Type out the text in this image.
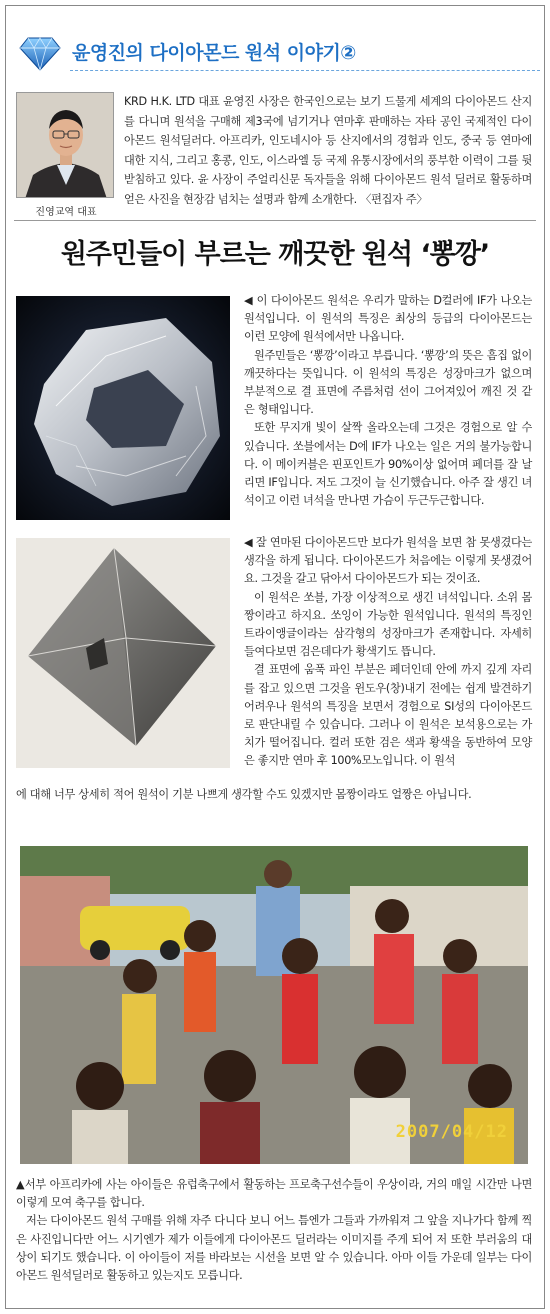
윤영진의 다이아몬드 원석 이야기②
진영교역 대표
KRD H.K. LTD 대표 윤영진 사장은 한국인으로는 보기 드물게 세계의 다이아몬드 산지를 다니며 원석을 구매해 제3국에 넘기거나 연마후 판매하는 자타 공인 국제적인 다이아몬드 원석딜러다. 아프리카, 인도네시아 등 산지에서의 경험과 인도, 중국 등 연마에 대한 지식, 그리고 홍콩, 인도, 이스라엘 등 국제 유통시장에서의 풍부한 이력이 그를 뒷받침하고 있다. 윤 사장이 주얼리신문 독자들을 위해 다이아몬드 원석 딜러로 활동하며 얻은 사진을 현장감 넘치는 설명과 함께 소개한다. 〈편집자 주〉
원주민들이 부르는 깨끗한 원석 ‘뽕깡’

◀ 이 다이아몬드 원석은 우리가 말하는 D컬러에 IF가 나오는 원석입니다. 이 원석의 특징은 최상의 등급의 다이아몬드는 이런 모양에 원석에서만 나옵니다.

원주민들은 ‘뽕깡’이라고 부릅니다. ‘뽕깡’의 뜻은 흠집 없이 깨끗하다는 뜻입니다. 이 원석의 특징은 성장마크가 없으며 부분적으로 결 표면에 주름처럼 선이 그어져있어 깨진 것 같은 형태입니다.

또한 무지개 빛이 살짝 올라오는데 그것은 경험으로 알 수 있습니다. 쏘블에서는 D에 IF가 나오는 일은 거의 불가능합니다. 이 메이커블은 핀포인트가 90%이상 없어며 페더를 잘 날리면 IF입니다. 저도 그것이 늘 신기했습니다. 아주 잘 생긴 녀석이고 이런 녀석을 만나면 가슴이 두근두근합니다.

◀ 잘 연마된 다이아몬드만 보다가 원석을 보면 참 못생겼다는 생각을 하게 됩니다. 다이아몬드가 처음에는 이렇게 못생겼어요. 그것을 갈고 닦아서 다이아몬드가 되는 것이죠.

이 원석은 쏘블, 가장 이상적으로 생긴 녀석입니다. 소위 몸짱이라고 하지요. 쏘잉이 가능한 원석입니다. 원석의 특징인 트라이앵글이라는 삼각형의 성장마크가 존재합니다. 자세히 들여다보면 검은데다가 황색기도 뜹니다.

결 표면에 움푹 파인 부분은 페더인데 안에 까지 깊게 자리를 잡고 있으면 그것을 윈도우(창)내기 전에는 쉽게 발견하기 어려우나 원석의 특징을 보면서 경험으로 SI성의 다이아몬드로 판단내릴 수 있습니다. 그러나 이 원석은 보석용으로는 가치가 떨어집니다. 컬러 또한 검은 색과 황색을 동반하여 모양은 좋지만 연마 후 100%모노입니다. 이 원석

에 대해 너무 상세히 적어 원석이 기분 나쁘게 생각할 수도 있겠지만 몸짱이라도 얼짱은 아닙니다.

2007/04/12

▲서부 아프리카에 사는 아이들은 유럽축구에서 활동하는 프로축구선수들이 우상이라, 거의 매일 시간만 나면 이렇게 모여 축구를 합니다.

저는 다이아몬드 원석 구매를 위해 자주 다니다 보니 어느 틈엔가 그들과 가까워져 그 앞을 지나가다 함께 찍은 사진입니다만 어느 시기엔가 제가 이들에게 다이아몬드 딜러라는 이미지를 주게 되어 저 또한 부러움의 대상이 되기도 했습니다. 이 아이들이 저를 바라보는 시선을 보면 알 수 있습니다. 아마 이들 가운데 일부는 다이아몬드 원석딜러로 활동하고 있는지도 모릅니다.
